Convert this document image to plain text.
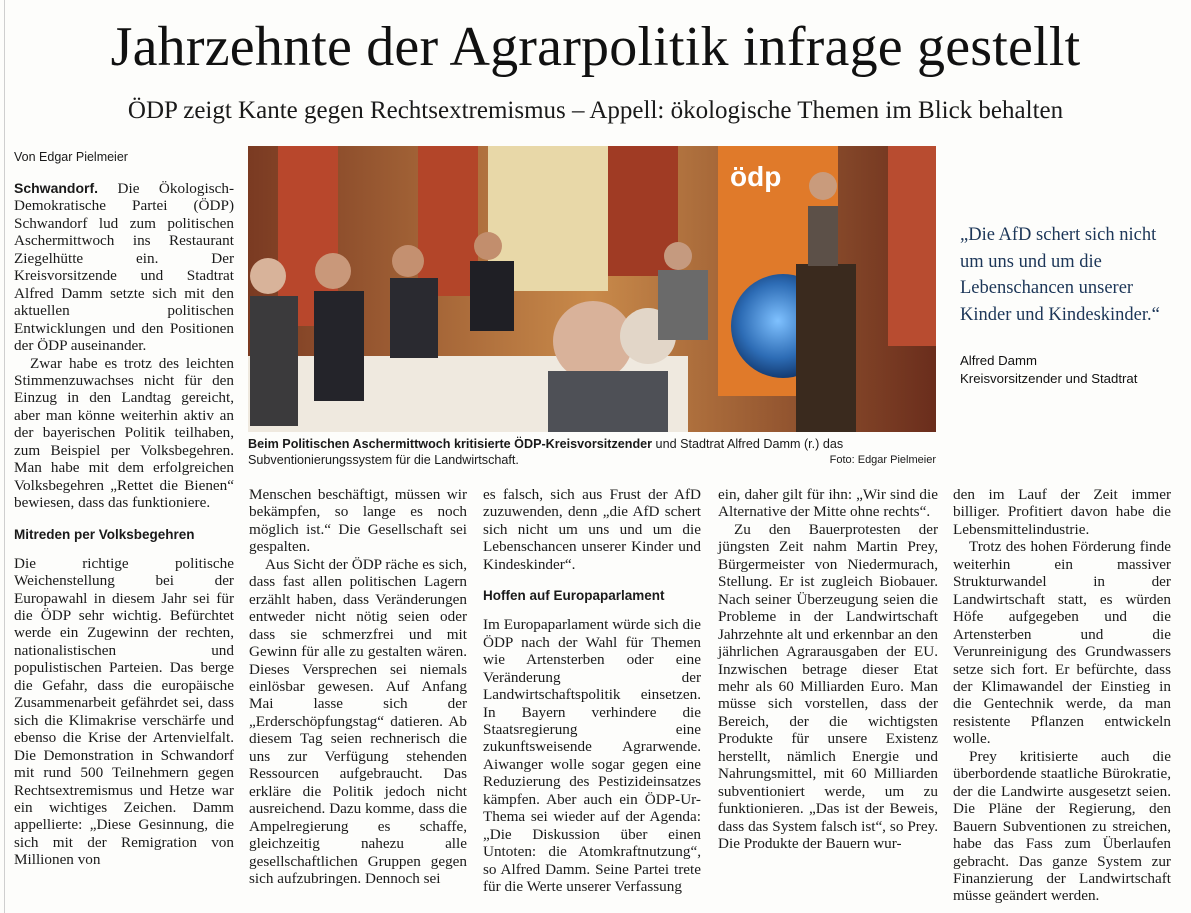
Jahrzehnte der Agrarpolitik infrage gestellt
ÖDP zeigt Kante gegen Rechtsextremismus – Appell: ökologische Themen im Blick behalten
Von Edgar Pielmeier

Schwandorf. Die Ökologisch-Demokratische Partei (ÖDP) Schwandorf lud zum politischen Aschermittwoch ins Restaurant Ziegelhütte ein. Der Kreisvorsitzende und Stadtrat Alfred Damm setzte sich mit den aktuellen politischen Entwicklungen und den Positionen der ÖDP auseinander.

Zwar habe es trotz des leichten Stimmenzuwachses nicht für den Einzug in den Landtag gereicht, aber man könne weiterhin aktiv an der bayerischen Politik teilhaben, zum Beispiel per Volksbegehren. Man habe mit dem erfolgreichen Volksbegehren „Rettet die Bienen“ bewiesen, dass das funktioniere.

Mitreden per Volksbegehren

Die richtige politische Weichenstellung bei der Europawahl in diesem Jahr sei für die ÖDP sehr wichtig. Befürchtet werde ein Zugewinn der rechten, nationalistischen und populistischen Parteien. Das berge die Gefahr, dass die europäische Zusammenarbeit gefährdet sei, dass sich die Klimakrise verschärfe und ebenso die Krise der Artenvielfalt. Die Demonstration in Schwandorf mit rund 500 Teilnehmern gegen Rechtsextremismus und Hetze war ein wichtiges Zeichen. Damm appellierte: „Diese Gesinnung, die sich mit der Remigration von Millionen von

ödp
Beim Politischen Aschermittwoch kritisierte ÖDP-Kreisvorsitzender und Stadtrat Alfred Damm (r.) das Subventionierungssystem für die Landwirtschaft.	Foto: Edgar Pielmeier
„Die AfD schert sich nicht um uns und um die Lebenschancen unserer Kinder und Kindeskinder.“
Alfred Damm
Kreisvorsitzender und Stadtrat

Menschen beschäftigt, müssen wir bekämpfen, so lange es noch möglich ist.“ Die Gesellschaft sei gespalten.

Aus Sicht der ÖDP räche es sich, dass fast allen politischen Lagern erzählt haben, dass Veränderungen entweder nicht nötig seien oder dass sie schmerzfrei und mit Gewinn für alle zu gestalten wären. Dieses Versprechen sei niemals einlösbar gewesen. Auf Anfang Mai lasse sich der „Erderschöpfungstag“ datieren. Ab diesem Tag seien rechnerisch die uns zur Verfügung stehenden Ressourcen aufgebraucht. Das erkläre die Politik jedoch nicht ausreichend. Dazu komme, dass die Ampelregierung es schaffe, gleichzeitig nahezu alle gesellschaftlichen Gruppen gegen sich aufzubringen. Dennoch sei

es falsch, sich aus Frust der AfD zuzuwenden, denn „die AfD schert sich nicht um uns und um die Lebenschancen unserer Kinder und Kindeskinder“.

Hoffen auf Europaparlament

Im Europaparlament würde sich die ÖDP nach der Wahl für Themen wie Artensterben oder eine Veränderung der Landwirtschaftspolitik einsetzen. In Bayern verhindere die Staatsregierung eine zukunftsweisende Agrarwende. Aiwanger wolle sogar gegen eine Reduzierung des Pestizideinsatzes kämpfen. Aber auch ein ÖDP-Ur-Thema sei wieder auf der Agenda: „Die Diskussion über einen Untoten: die Atomkraftnutzung“, so Alfred Damm. Seine Partei trete für die Werte unserer Verfassung

ein, daher gilt für ihn: „Wir sind die Alternative der Mitte ohne rechts“.

Zu den Bauerprotesten der jüngsten Zeit nahm Martin Prey, Bürgermeister von Niedermurach, Stellung. Er ist zugleich Biobauer. Nach seiner Überzeugung seien die Probleme in der Landwirtschaft Jahrzehnte alt und erkennbar an den jährlichen Agrarausgaben der EU. Inzwischen betrage dieser Etat mehr als 60 Milliarden Euro. Man müsse sich vorstellen, dass der Bereich, der die wichtigsten Produkte für unsere Existenz herstellt, nämlich Energie und Nahrungsmittel, mit 60 Milliarden subventioniert werde, um zu funktionieren. „Das ist der Beweis, dass das System falsch ist“, so Prey. Die Produkte der Bauern wur-

den im Lauf der Zeit immer billiger. Profitiert davon habe die Lebensmittelindustrie.

Trotz des hohen Förderung finde weiterhin ein massiver Strukturwandel in der Landwirtschaft statt, es würden Höfe aufgegeben und die Artensterben und die Verunreinigung des Grundwassers setze sich fort. Er befürchte, dass der Klimawandel der Einstieg in die Gentechnik werde, da man resistente Pflanzen entwickeln wolle.

Prey kritisierte auch die überbordende staatliche Bürokratie, der die Landwirte ausgesetzt seien. Die Pläne der Regierung, den Bauern Subventionen zu streichen, habe das Fass zum Überlaufen gebracht. Das ganze System zur Finanzierung der Landwirtschaft müsse geändert werden.
